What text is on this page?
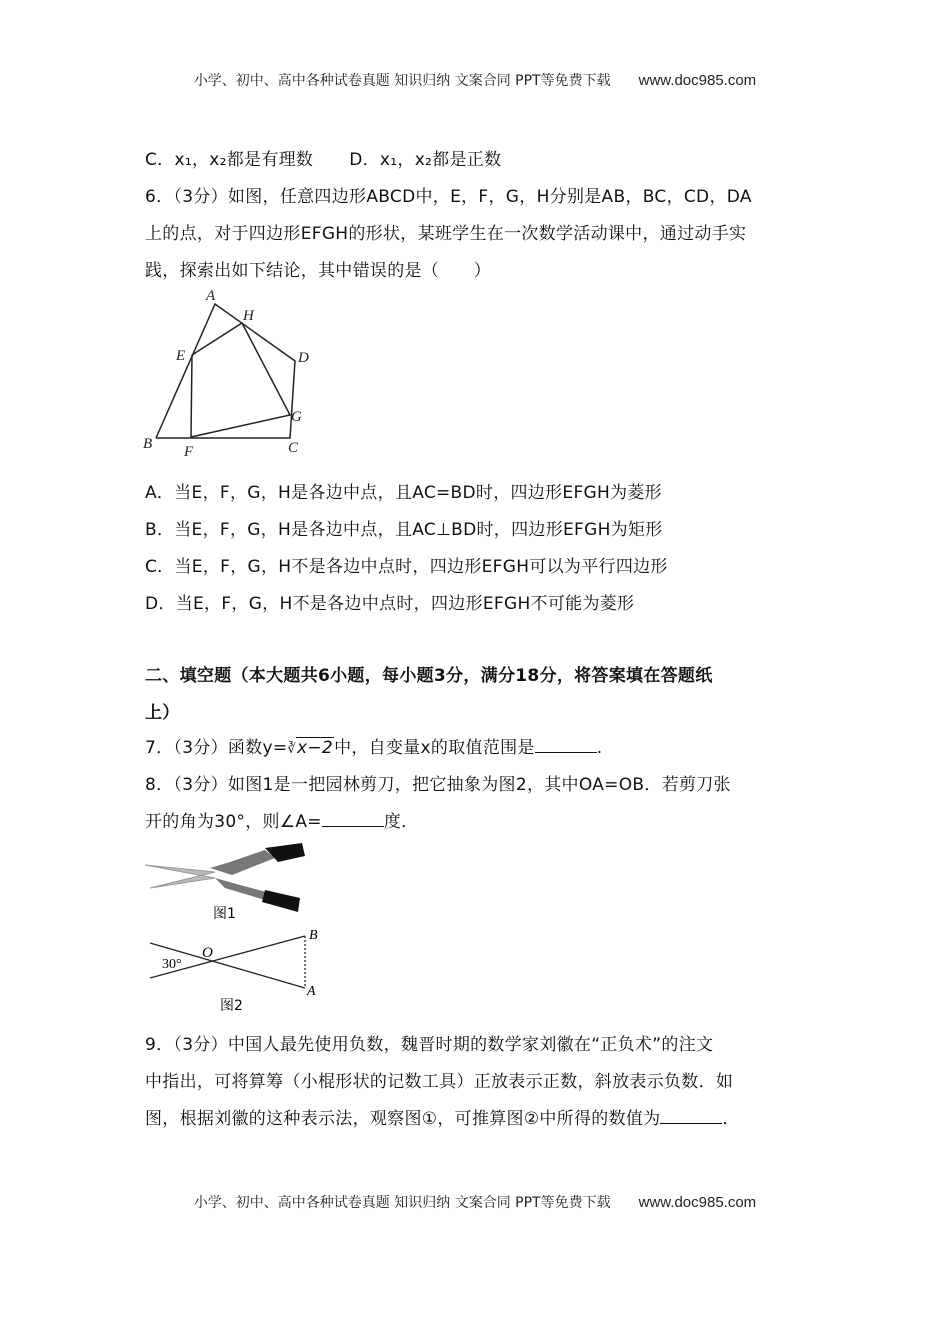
小学、初中、高中各种试卷真题 知识归纳 文案合同 PPT等免费下载 www.doc985.com
C．x₁，x₂都是有理数 D．x₁，x₂都是正数
6．（3分）如图，任意四边形ABCD中，E，F，G，H分别是AB，BC，CD，DA
上的点，对于四边形EFGH的形状，某班学生在一次数学活动课中，通过动手实
践，探索出如下结论，其中错误的是（　　）
A
H
E	D
G
B F	C
图1
O
30°
B
A
图2
A．当E，F，G，H是各边中点，且AC=BD时，四边形EFGH为菱形
B．当E，F，G，H是各边中点，且AC⊥BD时，四边形EFGH为矩形
C．当E，F，G，H不是各边中点时，四边形EFGH可以为平行四边形
D．当E，F，G，H不是各边中点时，四边形EFGH不可能为菱形
二、填空题（本大题共6小题，每小题3分，满分18分，将答案填在答题纸
上）
7．（3分）函数y=∛x−2中，自变量x的取值范围是	.
8．（3分）如图1是一把园林剪刀，把它抽象为图2，其中OA=OB．若剪刀张
开的角为30°，则∠A=	度．
9．（3分）中国人最先使用负数，魏晋时期的数学家刘徽在“正负术”的注文
中指出，可将算筹（小棍形状的记数工具）正放表示正数，斜放表示负数．如
图，根据刘徽的这种表示法，观察图①，可推算图②中所得的数值为	．
小学、初中、高中各种试卷真题 知识归纳 文案合同 PPT等免费下载 www.doc985.com
